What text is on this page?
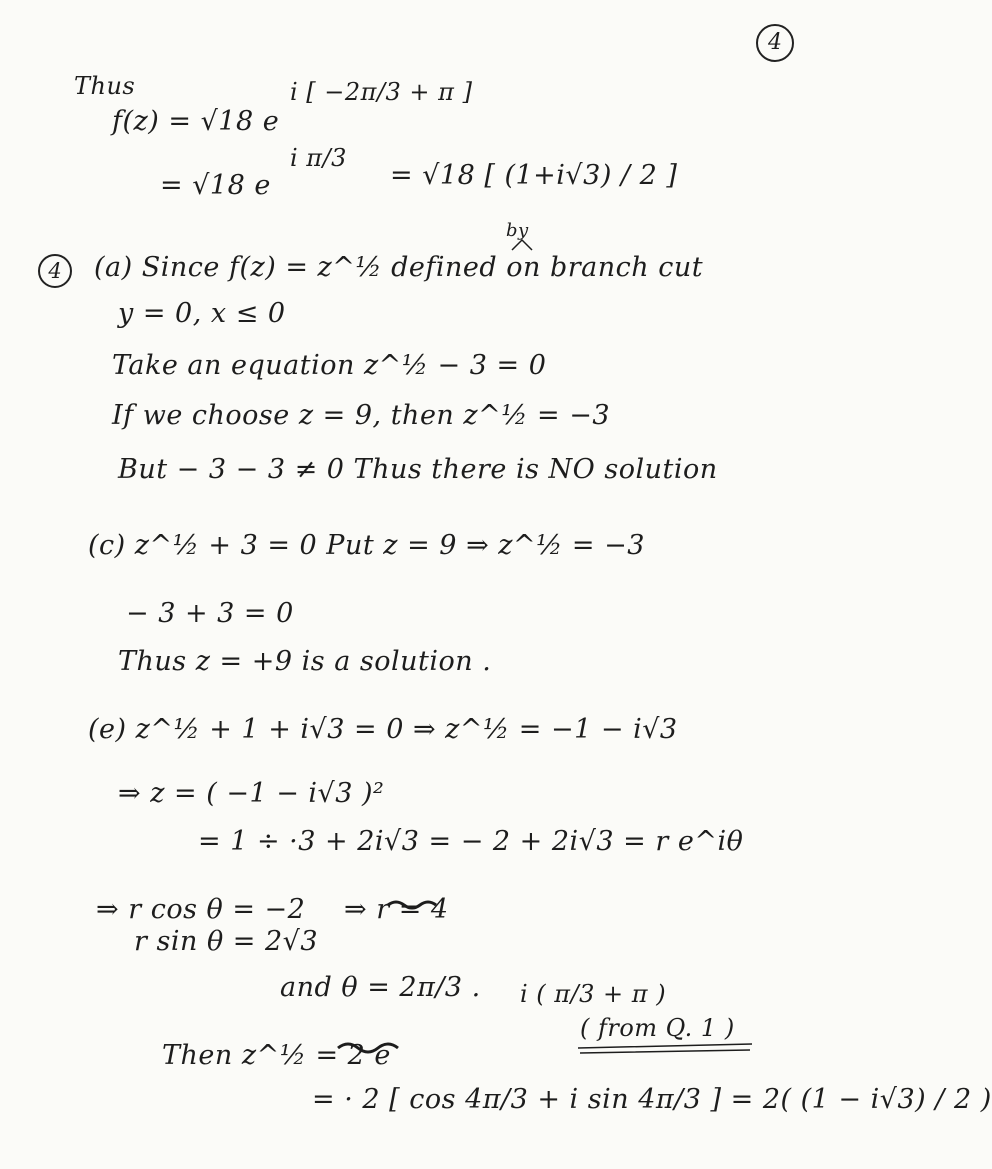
4
Thus
f(z) = √18 e
i [ −2π/3 + π ]
= √18 e
i π/3
= √18 [ (1+i√3) / 2 ]
4	(a) Since f(z) = z^½ defined on branch cut
by
y = 0, x ≤ 0
Take an equation z^½ − 3 = 0
If we choose z = 9, then z^½ = −3
But − 3 − 3 ≠ 0 Thus there is NO solution
(c) z^½ + 3 = 0 Put z = 9 ⇒ z^½ = −3
− 3 + 3 = 0
Thus z = +9 is a solution .
(e) z^½ + 1 + i√3 = 0 ⇒ z^½ = −1 − i√3
⇒ z = ( −1 − i√3 )²
= 1 ÷ ·3 + 2i√3 = − 2 + 2i√3 = r e^iθ
⇒ r cos θ = −2 ⇒ r = 4
r sin θ = 2√3
and θ = 2π/3 .
Then z^½ = 2 e
i ( π/3 + π )
( from Q. 1 )
= · 2 [ cos 4π/3 + i sin 4π/3 ] = 2( (1 − i√3) / 2 )
